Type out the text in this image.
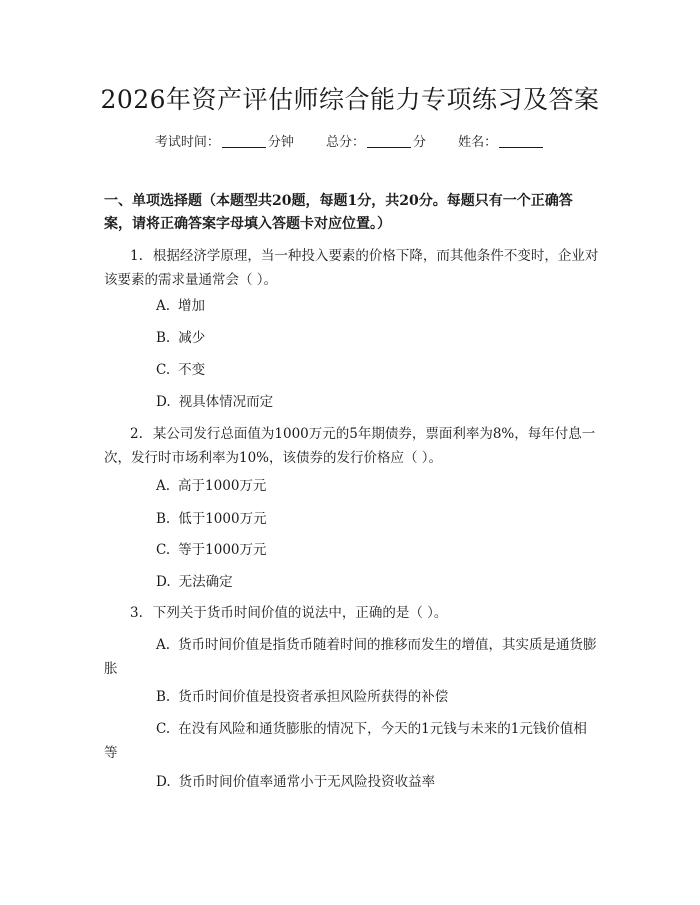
2026年资产评估师综合能力专项练习及答案
考试时间：	分钟 总分：	分 姓名：
一、单项选择题（本题型共20题，每题1分，共20分。每题只有一个正确答案，请将正确答案字母填入答题卡对应位置。）
1. 根据经济学原理，当一种投入要素的价格下降，而其他条件不变时，企业对该要素的需求量通常会（ ）。
A. 增加
B. 减少
C. 不变
D. 视具体情况而定
2. 某公司发行总面值为1000万元的5年期债券，票面利率为8%，每年付息一次，发行时市场利率为10%，该债券的发行价格应（ ）。
A. 高于1000万元
B. 低于1000万元
C. 等于1000万元
D. 无法确定
3. 下列关于货币时间价值的说法中，正确的是（ ）。
A. 货币时间价值是指货币随着时间的推移而发生的增值，其实质是通货膨胀
B. 货币时间价值是投资者承担风险所获得的补偿
C. 在没有风险和通货膨胀的情况下，今天的1元钱与未来的1元钱价值相等
D. 货币时间价值率通常小于无风险投资收益率
